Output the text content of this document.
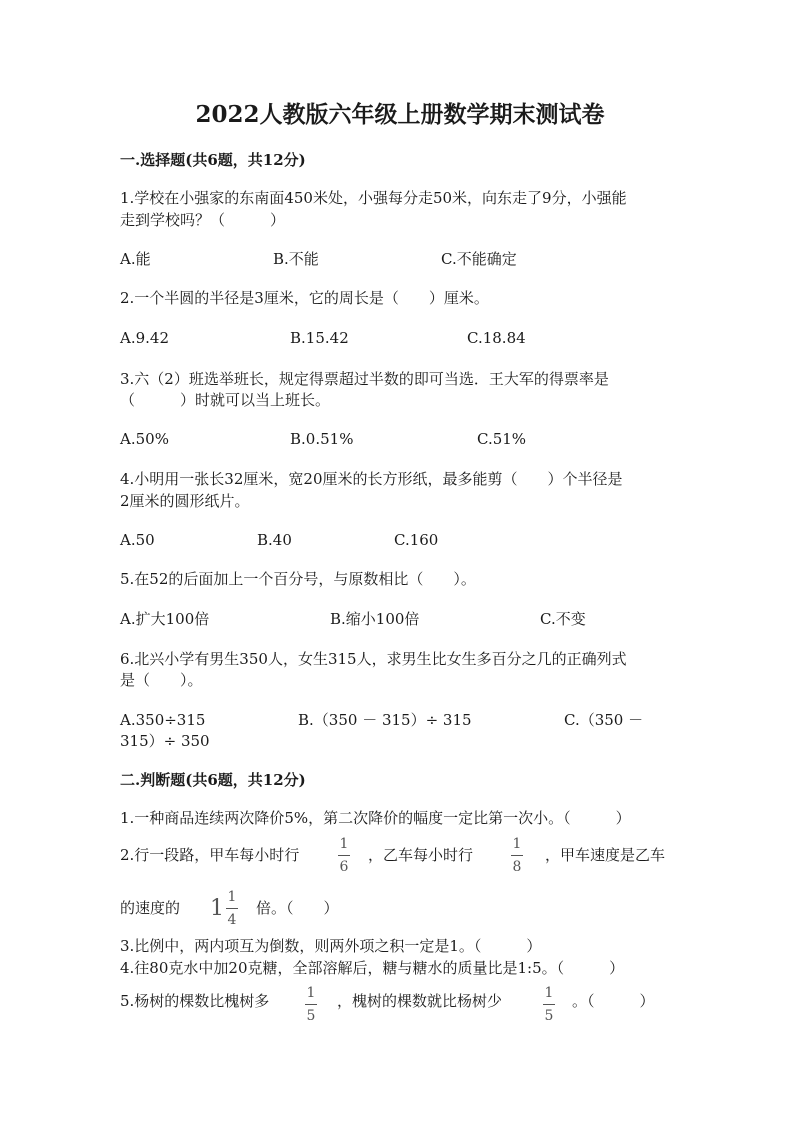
2022人教版六年级上册数学期末测试卷
一.选择题(共6题，共12分)
1.学校在小强家的东南面450米处，小强每分走50米，向东走了9分，小强能
走到学校吗？（　　　）
A.能	B.不能	C.不能确定
2.一个半圆的半径是3厘米，它的周长是（　　）厘米。
A.9.42	B.15.42	C.18.84
3.六（2）班选举班长，规定得票超过半数的即可当选．王大军的得票率是
（　　　）时就可以当上班长。
A.50%	B.0.51%	C.51%
4.小明用一张长32厘米，宽20厘米的长方形纸，最多能剪（　　）个半径是
2厘米的圆形纸片。
A.50	B.40	C.160
5.在52的后面加上一个百分号，与原数相比（　　）。
A.扩大100倍	B.缩小100倍	C.不变
6.北兴小学有男生350人，女生315人，求男生比女生多百分之几的正确列式
是（　　）。
A.350÷315	B.（350 － 315）÷ 315	C.（350 －
315）÷ 350
二.判断题(共6题，共12分)
1.一种商品连续两次降价5%，第二次降价的幅度一定比第一次小。（　　　）
2.行一段路，甲车每小时行
1
6
，乙车每小时行
1
8
，甲车速度是乙车
的速度的 $1 \frac{1}{4}$ 倍。（　　）
3.比例中，两内项互为倒数，则两外项之积一定是1。（　　　）
4.往80克水中加20克糖，全部溶解后，糖与糖水的质量比是1:5。（　　　）
5.杨树的棵数比槐树多	1
5
，槐树的棵数就比杨树少	1
5
。（　　　）
